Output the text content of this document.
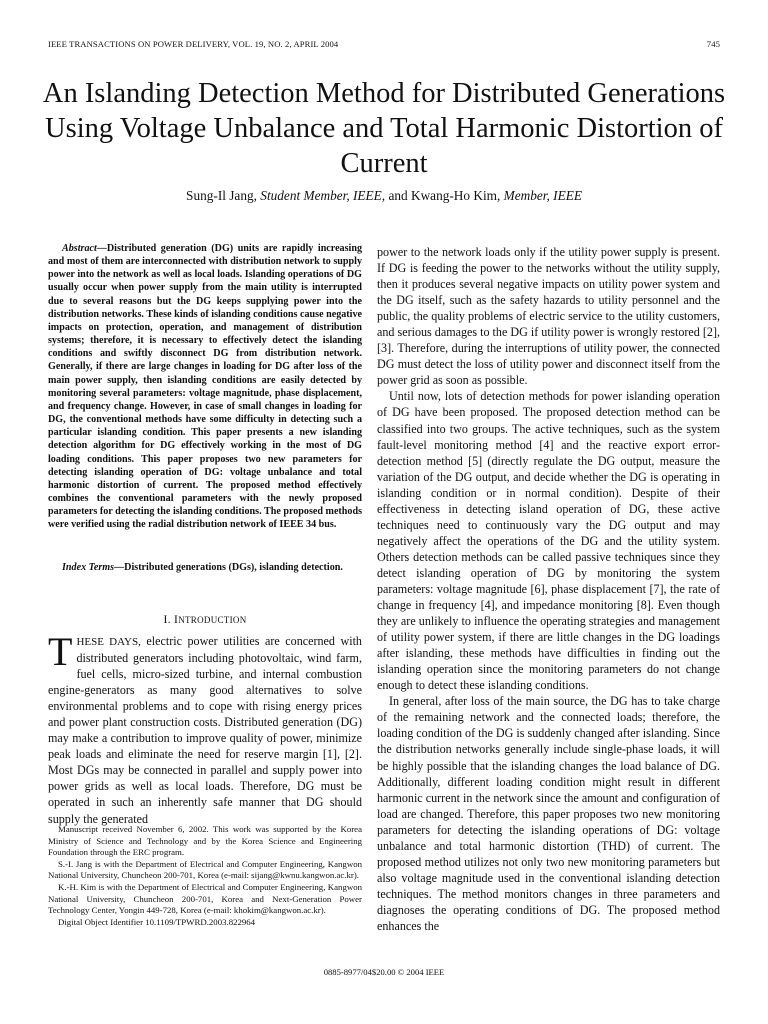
IEEE TRANSACTIONS ON POWER DELIVERY, VOL. 19, NO. 2, APRIL 2004	745
An Islanding Detection Method for Distributed Generations Using Voltage Unbalance and Total Harmonic Distortion of Current
Sung-Il Jang, Student Member, IEEE, and Kwang-Ho Kim, Member, IEEE
Abstract—Distributed generation (DG) units are rapidly increasing and most of them are interconnected with distribution network to supply power into the network as well as local loads. Islanding operations of DG usually occur when power supply from the main utility is interrupted due to several reasons but the DG keeps supplying power into the distribution networks. These kinds of islanding conditions cause negative impacts on protection, operation, and management of distribution systems; therefore, it is necessary to effectively detect the islanding conditions and swiftly disconnect DG from distribution network. Generally, if there are large changes in loading for DG after loss of the main power supply, then islanding conditions are easily detected by monitoring several parameters: voltage magnitude, phase displacement, and frequency change. However, in case of small changes in loading for DG, the conventional methods have some difficulty in detecting such a particular islanding condition. This paper presents a new islanding detection algorithm for DG effectively working in the most of DG loading conditions. This paper proposes two new parameters for detecting islanding operation of DG: voltage unbalance and total harmonic distortion of current. The proposed method effectively combines the conventional parameters with the newly proposed parameters for detecting the islanding conditions. The proposed methods were verified using the radial distribution network of IEEE 34 bus.
Index Terms—Distributed generations (DGs), islanding detection.
I. INTRODUCTION
THESE DAYS, electric power utilities are concerned with distributed generators including photovoltaic, wind farm, fuel cells, micro-sized turbine, and internal combustion engine-generators as many good alternatives to solve environmental problems and to cope with rising energy prices and power plant construction costs. Distributed generation (DG) may make a contribution to improve quality of power, minimize peak loads and eliminate the need for reserve margin [1], [2]. Most DGs may be connected in parallel and supply power into power grids as well as local loads. Therefore, DG must be operated in such an inherently safe manner that DG should supply the generated

Manuscript received November 6, 2002. This work was supported by the Korea Ministry of Science and Technology and by the Korea Science and Engineering Foundation through the ERC program.

S.-I. Jang is with the Department of Electrical and Computer Engineering, Kangwon National University, Chuncheon 200-701, Korea (e-mail: sijang@kwnu.kangwon.ac.kr).

K.-H. Kim is with the Department of Electrical and Computer Engineering, Kangwon National University, Chuncheon 200-701, Korea and Next-Generation Power Technology Center, Yongin 449-728, Korea (e-mail: khokim@kangwon.ac.kr).

Digital Object Identifier 10.1109/TPWRD.2003.822964

power to the network loads only if the utility power supply is present. If DG is feeding the power to the networks without the utility supply, then it produces several negative impacts on utility power system and the DG itself, such as the safety hazards to utility personnel and the public, the quality problems of electric service to the utility customers, and serious damages to the DG if utility power is wrongly restored [2], [3]. Therefore, during the interruptions of utility power, the connected DG must detect the loss of utility power and disconnect itself from the power grid as soon as possible.

Until now, lots of detection methods for power islanding operation of DG have been proposed. The proposed detection method can be classified into two groups. The active techniques, such as the system fault-level monitoring method [4] and the reactive export error-detection method [5] (directly regulate the DG output, measure the variation of the DG output, and decide whether the DG is operating in islanding condition or in normal condition). Despite of their effectiveness in detecting island operation of DG, these active techniques need to continuously vary the DG output and may negatively affect the operations of the DG and the utility system. Others detection methods can be called passive techniques since they detect islanding operation of DG by monitoring the system parameters: voltage magnitude [6], phase displacement [7], the rate of change in frequency [4], and impedance monitoring [8]. Even though they are unlikely to influence the operating strategies and management of utility power system, if there are little changes in the DG loadings after islanding, these methods have difficulties in finding out the islanding operation since the monitoring parameters do not change enough to detect these islanding conditions.

In general, after loss of the main source, the DG has to take charge of the remaining network and the connected loads; therefore, the loading condition of the DG is suddenly changed after islanding. Since the distribution networks generally include single-phase loads, it will be highly possible that the islanding changes the load balance of DG. Additionally, different loading condition might result in different harmonic current in the network since the amount and configuration of load are changed. Therefore, this paper proposes two new monitoring parameters for detecting the islanding operations of DG: voltage unbalance and total harmonic distortion (THD) of current. The proposed method utilizes not only two new monitoring parameters but also voltage magnitude used in the conventional islanding detection techniques. The method monitors changes in three parameters and diagnoses the operating conditions of DG. The proposed method enhances the

0885-8977/04$20.00 © 2004 IEEE
